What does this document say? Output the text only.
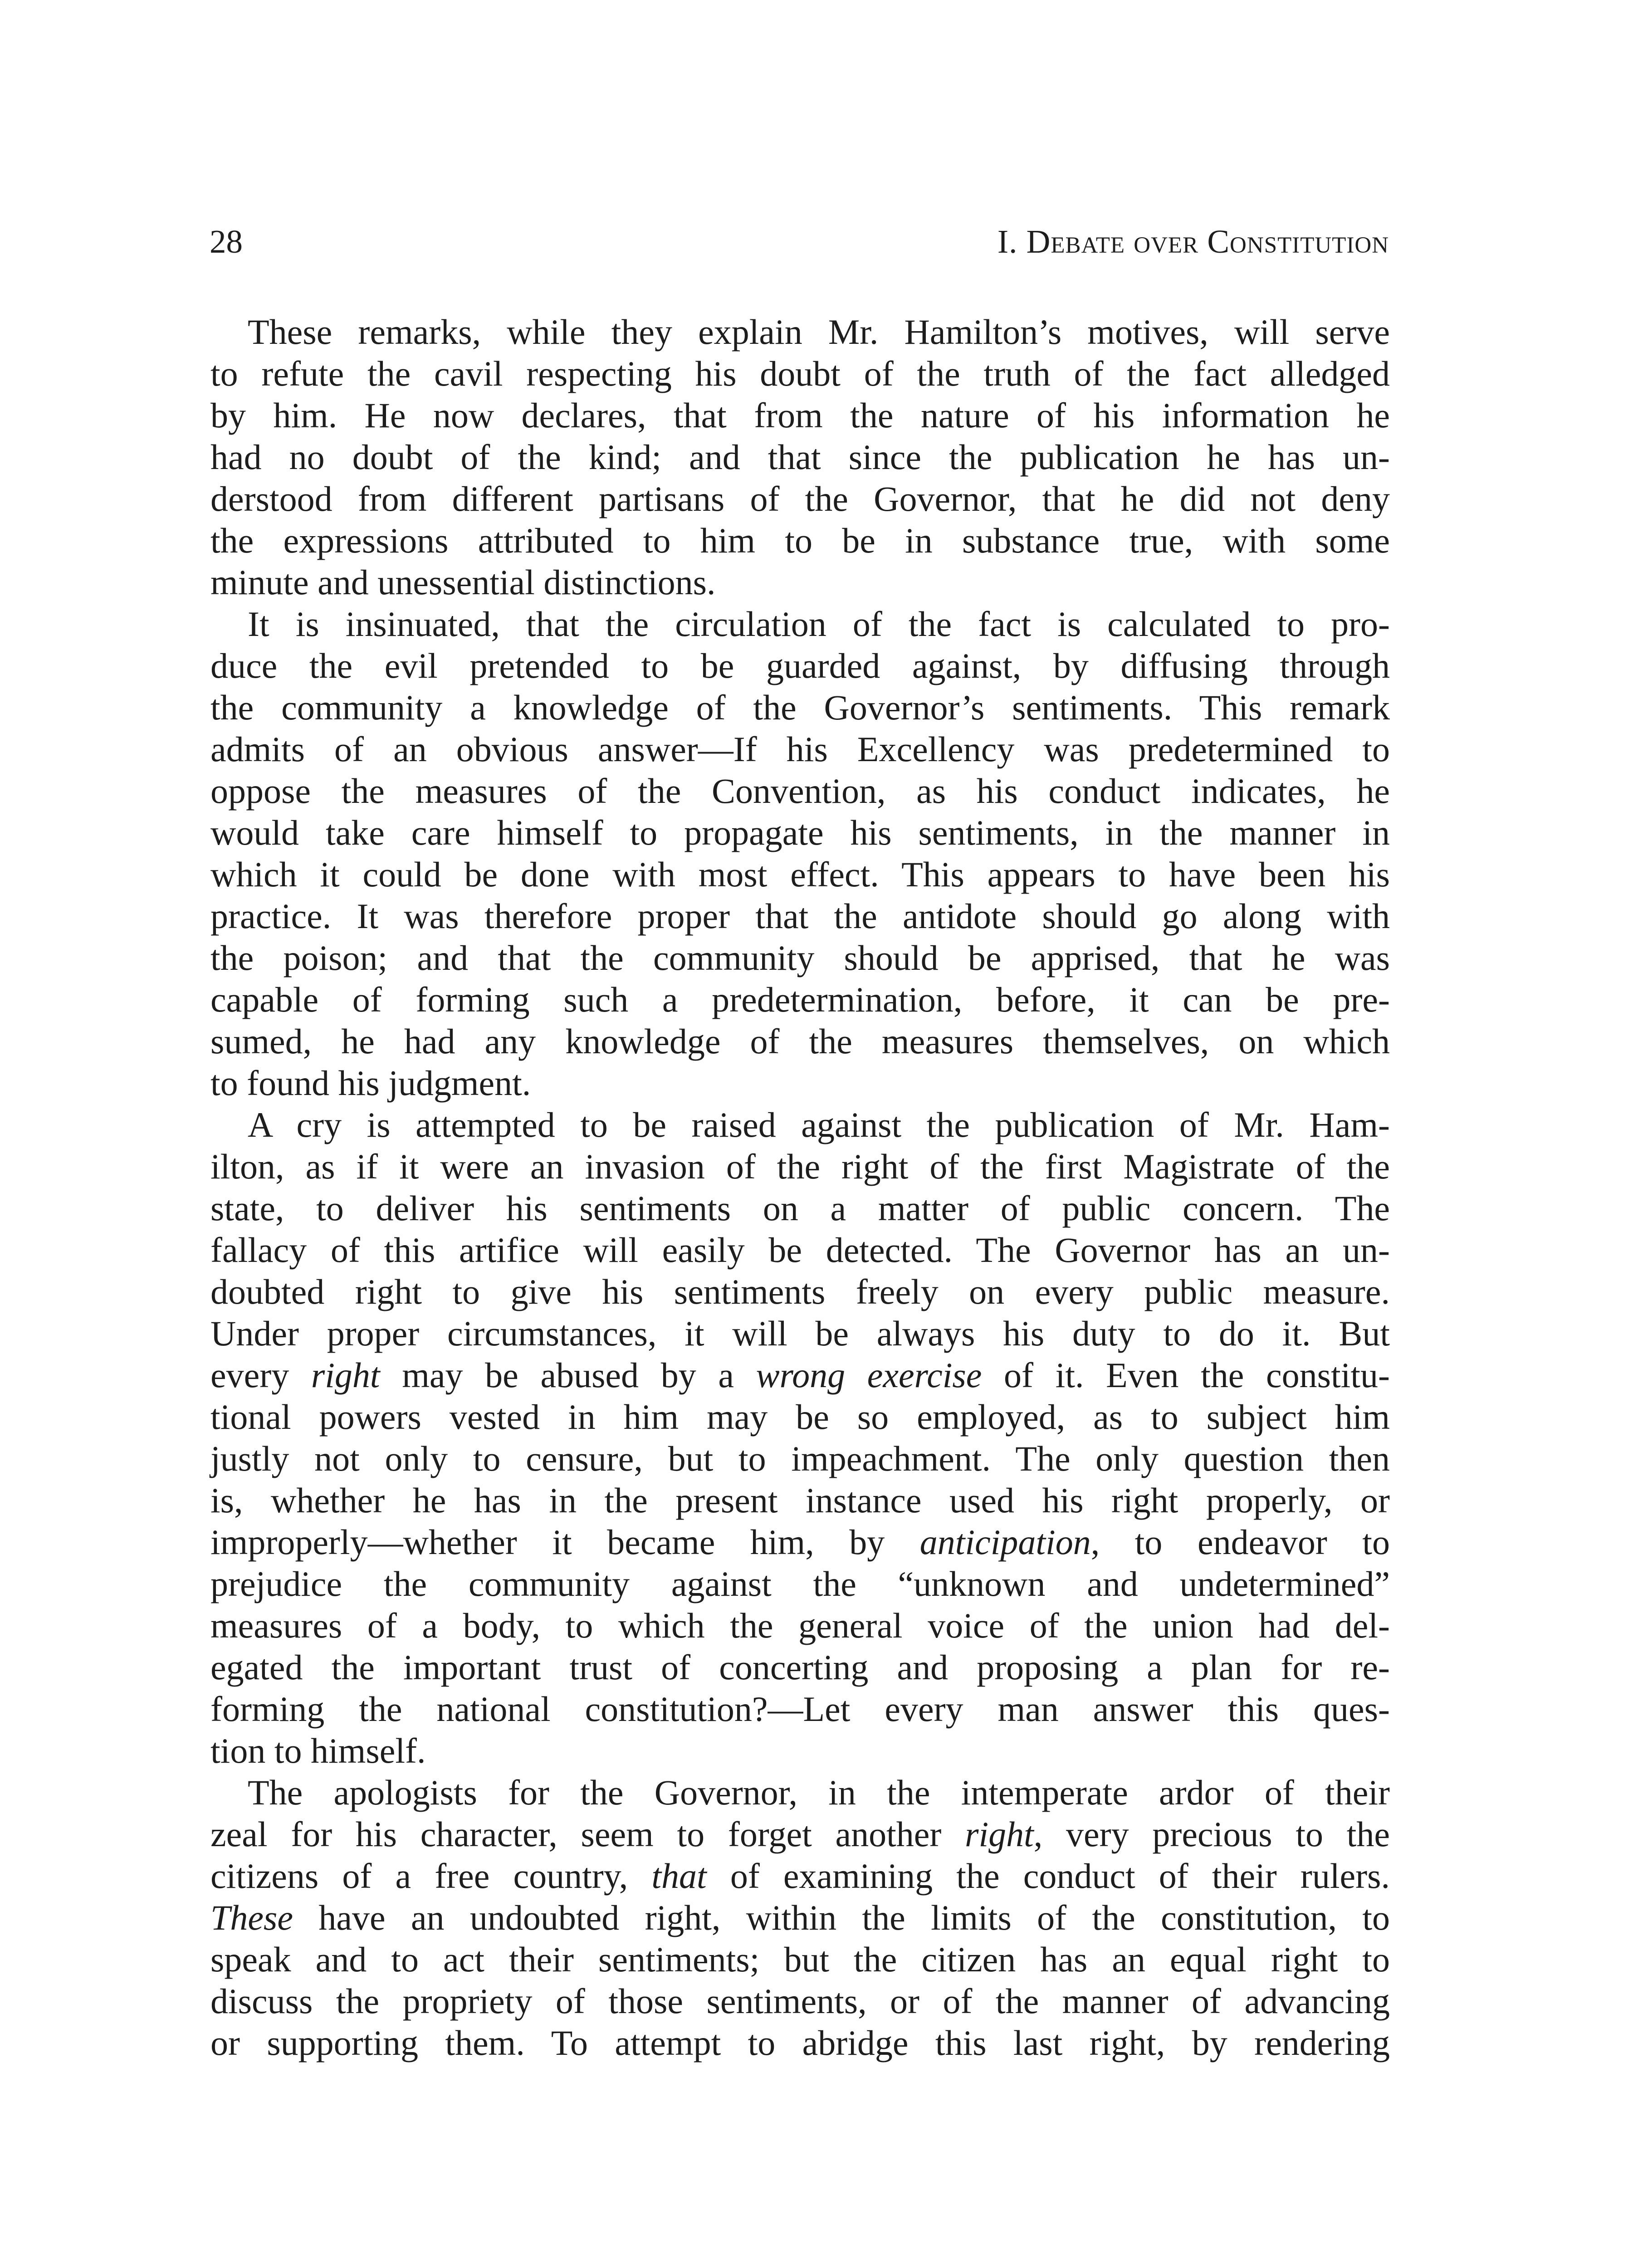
28	I. Debate over Constitution
These remarks, while they explain Mr. Hamilton’s motives, will serve
to refute the cavil respecting his doubt of the truth of the fact alledged
by him. He now declares, that from the nature of his information he
had no doubt of the kind; and that since the publication he has un-
derstood from different partisans of the Governor, that he did not deny
the expressions attributed to him to be in substance true, with some
minute and unessential distinctions.
It is insinuated, that the circulation of the fact is calculated to pro-
duce the evil pretended to be guarded against, by diffusing through
the community a knowledge of the Governor’s sentiments. This remark
admits of an obvious answer—If his Excellency was predetermined to
oppose the measures of the Convention, as his conduct indicates, he
would take care himself to propagate his sentiments, in the manner in
which it could be done with most effect. This appears to have been his
practice. It was therefore proper that the antidote should go along with
the poison; and that the community should be apprised, that he was
capable of forming such a predetermination, before, it can be pre-
sumed, he had any knowledge of the measures themselves, on which
to found his judgment.
A cry is attempted to be raised against the publication of Mr. Ham-
ilton, as if it were an invasion of the right of the first Magistrate of the
state, to deliver his sentiments on a matter of public concern. The
fallacy of this artifice will easily be detected. The Governor has an un-
doubted right to give his sentiments freely on every public measure.
Under proper circumstances, it will be always his duty to do it. But
every right may be abused by a wrong exercise of it. Even the constitu-
tional powers vested in him may be so employed, as to subject him
justly not only to censure, but to impeachment. The only question then
is, whether he has in the present instance used his right properly, or
improperly—whether it became him, by anticipation, to endeavor to
prejudice the community against the “unknown and undetermined”
measures of a body, to which the general voice of the union had del-
egated the important trust of concerting and proposing a plan for re-
forming the national constitution?—Let every man answer this ques-
tion to himself.
The apologists for the Governor, in the intemperate ardor of their
zeal for his character, seem to forget another right, very precious to the
citizens of a free country, that of examining the conduct of their rulers.
These have an undoubted right, within the limits of the constitution, to
speak and to act their sentiments; but the citizen has an equal right to
discuss the propriety of those sentiments, or of the manner of advancing
or supporting them. To attempt to abridge this last right, by rendering
